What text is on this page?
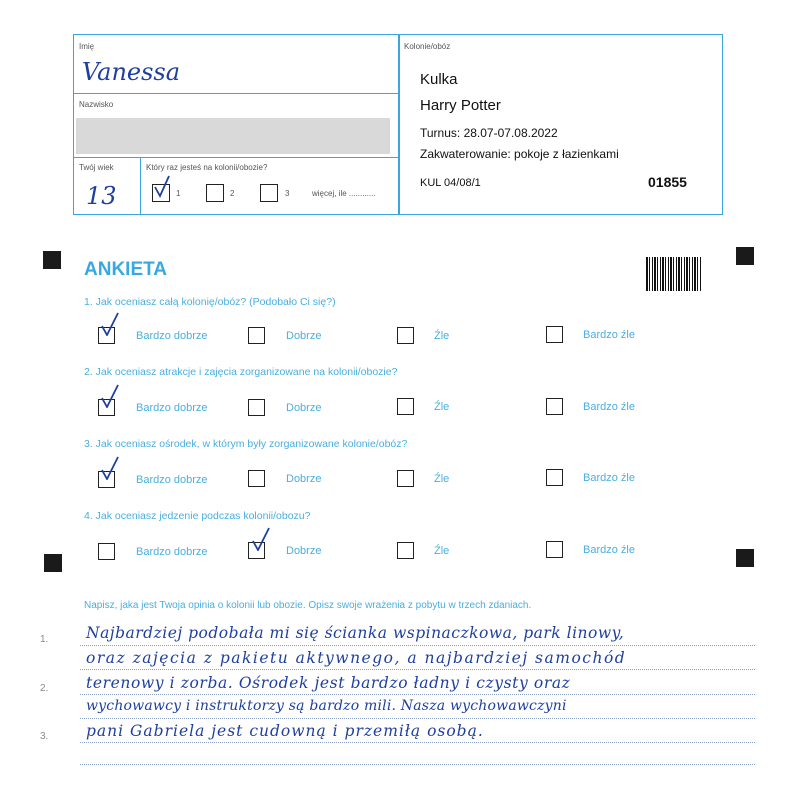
Imię
Vanessa
Nazwisko
Twój wiek
13
Który raz jesteś na kolonii/obozie?
1	2	3	więcej, ile ............
Kolonie/obóz
Kulka
Harry Potter
Turnus: 28.07-07.08.2022
Zakwaterowanie: pokoje z łazienkami
KUL 04/08/1	01855
ANKIETA
1. Jak oceniasz całą kolonię/obóz? (Podobało Ci się?)
Bardzo dobrze	Dobrze	Źle	Bardzo źle
2. Jak oceniasz atrakcje i zajęcia zorganizowane na kolonii/obozie?
Bardzo dobrze	Dobrze	Źle	Bardzo źle
3. Jak oceniasz ośrodek, w którym były zorganizowane kolonie/obóz?
Bardzo dobrze	Dobrze	Źle	Bardzo źle
4. Jak oceniasz jedzenie podczas kolonii/obozu?
Bardzo dobrze	Dobrze	Źle	Bardzo źle
Napisz, jaka jest Twoja opinia o kolonii lub obozie. Opisz swoje wrażenia z pobytu w trzech zdaniach.
1.
2.
3.
Najbardziej podobała mi się ścianka wspinaczkowa, park linowy,
oraz zajęcia z pakietu aktywnego, a najbardziej samochód
terenowy i zorba. Ośrodek jest bardzo ładny i czysty oraz
wychowawcy i instruktorzy są bardzo mili. Nasza wychowawczyni
pani Gabriela jest cudowną i przemiłą osobą.
